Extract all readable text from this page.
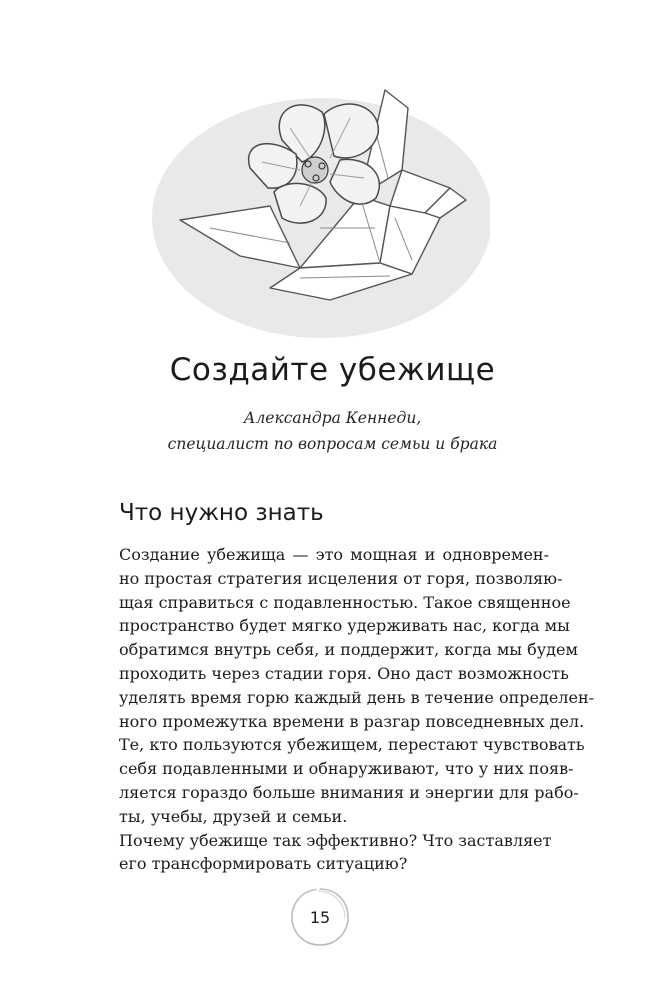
Создайте убежище
Александра Кеннеди,
специалист по вопросам семьи и брака
Что нужно знать
Создание убежища — это мощная и одновремен-
но простая стратегия исцеления от горя, позволяю-
щая справиться с подавленностью. Такое священное
пространство будет мягко удерживать нас, когда мы
обратимся внутрь себя, и поддержит, когда мы будем
проходить через стадии горя. Оно даст возможность
уделять время горю каждый день в течение определен-
ного промежутка времени в разгар повседневных дел.
Те, кто пользуются убежищем, перестают чувствовать
себя подавленными и обнаруживают, что у них появ-
ляется гораздо больше внимания и энергии для рабо-
ты, учебы, друзей и семьи.
Почему убежище так эффективно? Что заставляет
его трансформировать ситуацию?
15
